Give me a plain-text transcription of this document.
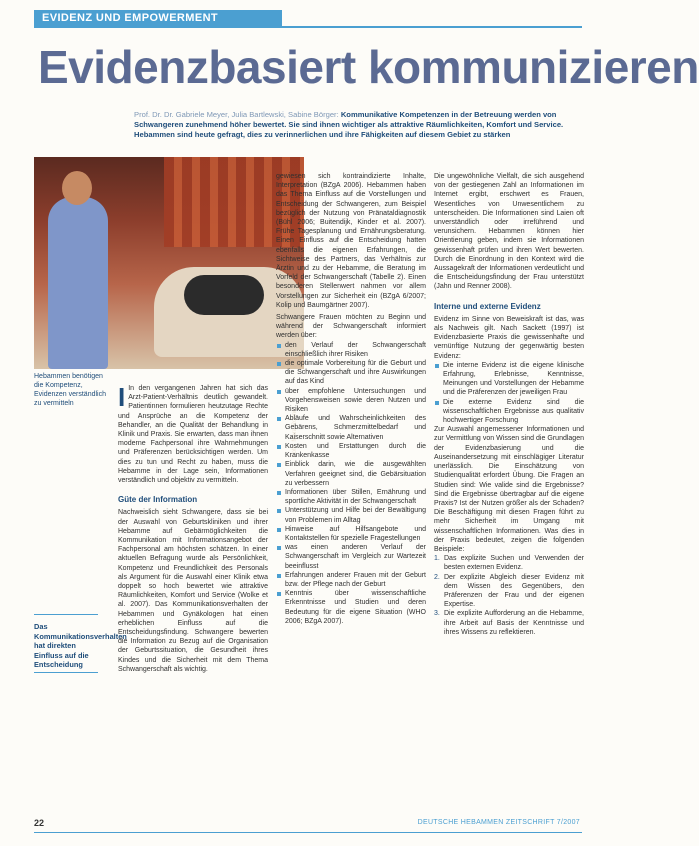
EVIDENZ UND EMPOWERMENT
Evidenzbasiert kommunizieren
Prof. Dr. Dr. Gabriele Meyer, Julia Bartlewski, Sabine Börger: Kommunikative Kompetenzen in der Betreuung werden von Schwangeren zunehmend höher bewertet. Sie sind ihnen wichtiger als attraktive Räumlichkeiten, Komfort und Service. Hebammen sind heute gefragt, dies zu verinnerlichen und ihre Fähigkeiten auf diesem Gebiet zu stärken
Foto: Mara Rohne
Hebammen benötigen die Kompetenz, Evidenzen verständlich zu vermitteln
Das Kommunikationsverhalten hat direkten Einfluss auf die Entscheidung

I In den vergangenen Jahren hat sich das Arzt-Patient-Verhältnis deutlich gewandelt. Patientinnen formulieren heutzutage Rechte und Ansprüche an die Kompetenz der Behandler, an die Qualität der Behandlung in Klinik und Praxis. Sie erwarten, dass man ihnen moderne Fachpersonal ihre Wahrnehmungen und Präferenzen berücksichtigen werden. Um dies zu tun und Recht zu haben, muss die Hebamme in der Lage sein, Informationen verständlich und objektiv zu vermitteln.

Güte der Information

Nachweislich sieht Schwangere, dass sie bei der Auswahl von Geburtskliniken und ihrer Hebamme auf Gebärmöglichkeiten die Kommunikation mit Informationsangebot der Fachpersonal am höchsten schätzen. In einer aktuellen Befragung wurde als Persönlichkeit, Kompetenz und Freundlichkeit des Personals als Argument für die Auswahl einer Klinik etwa doppelt so hoch bewertet wie attraktive Räumlichkeiten, Komfort und Service (Wolke et al. 2007). Das Kommunikationsverhalten der Hebammen und Gynäkologen hat einen erheblichen Einfluss auf die Entscheidungsfindung. Schwangere bewerten die Information zu Bezug auf die Organisation der Geburtssituation, die Gesundheit ihres Kindes und die Sicherheit mit dem Thema Schwangerschaft als wichtig.

gewiesen sich kontraindizierte Inhalte, Interpretation (BZgA 2006). Hebammen haben das Thema Einfluss auf die Vorstellungen und Entscheidung der Schwangeren, zum Beispiel bezüglich der Nutzung von Pränataldiagnostik (Bühl 2006; Buitendijk, Kinder et al. 2007). Frühe Tagesplanung und Ernährungsberatung. Einen Einfluss auf die Entscheidung hatten ebenfalls die eigenen Erfahrungen, die Sichtweise des Partners, das Verhältnis zur Ärztin und zu der Hebamme, die Beratung im Vorfeld der Schwangerschaft (Tabelle 2). Einen besonderen Stellenwert nahmen vor allem Vorstellungen zur Sicherheit ein (BZgA 6/2007; Kolip und Baumgärtner 2007).

Schwangere Frauen möchten zu Beginn und während der Schwangerschaft informiert werden über:

den Verlauf der Schwangerschaft einschließlich ihrer Risiken
die optimale Vorbereitung für die Geburt und die Schwangerschaft und ihre Auswirkungen auf das Kind
über empfohlene Untersuchungen und Vorgehensweisen sowie deren Nutzen und Risiken
Abläufe und Wahrscheinlichkeiten des Gebärens, Schmerzmittelbedarf und Kaiserschnitt sowie Alternativen
Kosten und Erstattungen durch die Krankenkasse
Einblick darin, wie die ausgewählten Verfahren geeignet sind, die Gebärsituation zu verbessern
Informationen über Stillen, Ernährung und sportliche Aktivität in der Schwangerschaft
Unterstützung und Hilfe bei der Bewältigung von Problemen im Alltag
Hinweise auf Hilfsangebote und Kontaktstellen für spezielle Fragestellungen
was einen anderen Verlauf der Schwangerschaft im Vergleich zur Wartezeit beeinflusst
Erfahrungen anderer Frauen mit der Geburt bzw. der Pflege nach der Geburt
Kenntnis über wissenschaftliche Erkenntnisse und Studien und deren Bedeutung für die eigene Situation (WHO 2006; BZgA 2007).

Die ungewöhnliche Vielfalt, die sich ausgehend von der gestiegenen Zahl an Informationen im Internet ergibt, erschwert es Frauen, Wesentliches von Unwesentlichem zu unterscheiden. Die Informationen sind Laien oft unverständlich oder irreführend und verunsichern. Hebammen können hier Orientierung geben, indem sie Informationen gewissenhaft prüfen und ihren Wert bewerten. Durch die Einordnung in den Kontext wird die Aussagekraft der Informationen verdeutlicht und die Entscheidungsfindung der Frau unterstützt (Jahn und Renner 2008).

Interne und externe Evidenz

Evidenz im Sinne von Beweiskraft ist das, was als Nachweis gilt. Nach Sackett (1997) ist Evidenzbasierte Praxis die gewissenhafte und vernünftige Nutzung der gegenwärtig besten Evidenz:

Die interne Evidenz ist die eigene klinische Erfahrung, Erlebnisse, Kenntnisse, Meinungen und Vorstellungen der Hebamme und die Präferenzen der jeweiligen Frau
Die externe Evidenz sind die wissenschaftlichen Ergebnisse aus qualitativ hochwertiger Forschung

Zur Auswahl angemessener Informationen und zur Vermittlung von Wissen sind die Grundlagen der Evidenzbasierung und die Auseinandersetzung mit einschlägiger Literatur unerlässlich. Die Einschätzung von Studienqualität erfordert Übung. Die Fragen an Studien sind: Wie valide sind die Ergebnisse? Sind die Ergebnisse übertragbar auf die eigene Praxis? Ist der Nutzen größer als der Schaden? Die Beschäftigung mit diesen Fragen führt zu mehr Sicherheit im Umgang mit wissenschaftlichen Informationen. Was dies in der Praxis bedeutet, zeigen die folgenden Beispiele:

1. Das explizite Suchen und Verwenden der besten externen Evidenz.
2. Der explizite Abgleich dieser Evidenz mit dem Wissen des Gegenübers, den Präferenzen der Frau und der eigenen Expertise.
3. Die explizite Aufforderung an die Hebamme, ihre Arbeit auf Basis der Kenntnisse und ihres Wissens zu reflektieren.
22	DEUTSCHE HEBAMMEN ZEITSCHRIFT 7/2007
